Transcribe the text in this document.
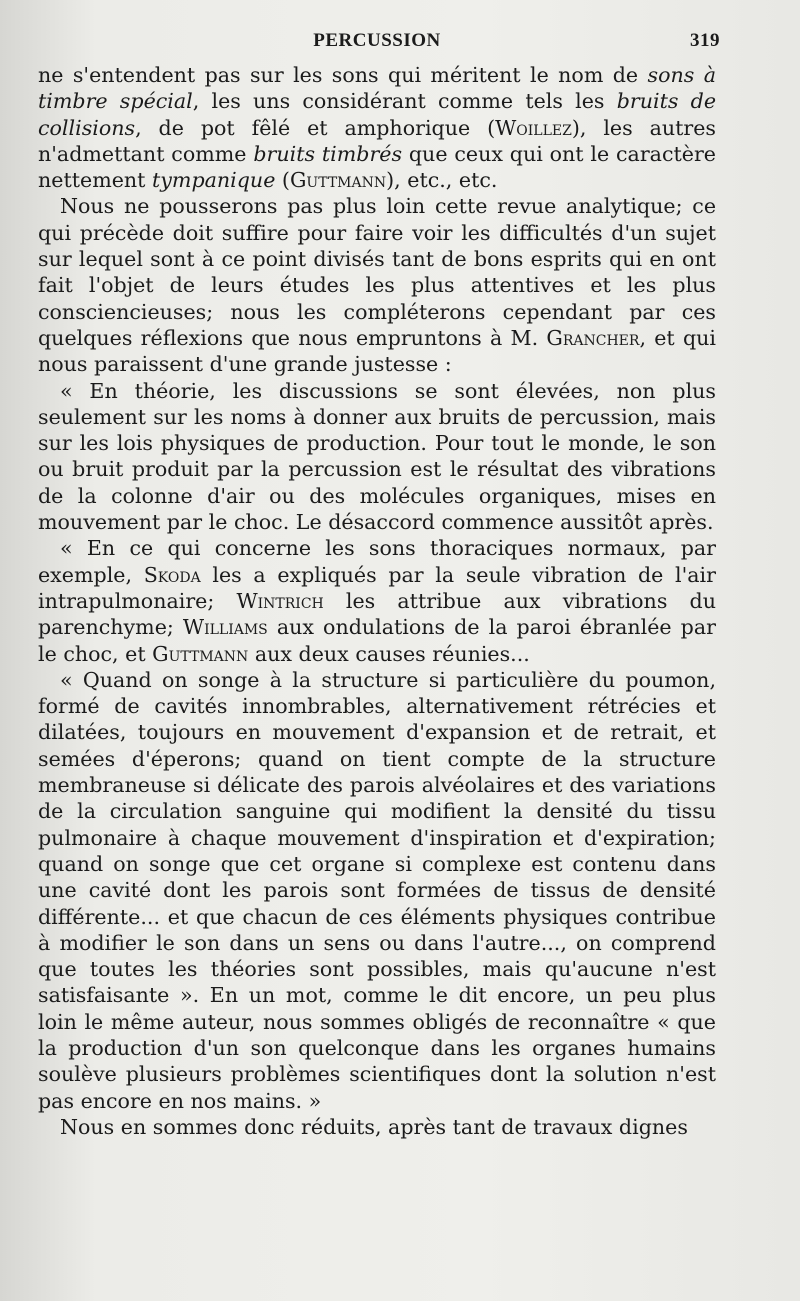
PERCUSSION	319

ne s'entendent pas sur les sons qui méritent le nom de sons à timbre spécial, les uns considérant comme tels les bruits de collisions, de pot fêlé et amphorique (Woillez), les autres n'admettant comme bruits timbrés que ceux qui ont le caractère nettement tympanique (Guttmann), etc., etc.

Nous ne pousserons pas plus loin cette revue analytique; ce qui précède doit suffire pour faire voir les difficultés d'un sujet sur lequel sont à ce point divisés tant de bons esprits qui en ont fait l'objet de leurs études les plus attentives et les plus consciencieuses; nous les compléterons cependant par ces quelques réflexions que nous empruntons à M. Grancher, et qui nous paraissent d'une grande justesse :

« En théorie, les discussions se sont élevées, non plus seulement sur les noms à donner aux bruits de percussion, mais sur les lois physiques de production. Pour tout le monde, le son ou bruit produit par la percussion est le résultat des vibrations de la colonne d'air ou des molécules organiques, mises en mouvement par le choc. Le désaccord commence aussitôt après.

« En ce qui concerne les sons thoraciques normaux, par exemple, Skoda les a expliqués par la seule vibration de l'air intrapulmonaire; Wintrich les attribue aux vibrations du parenchyme; Williams aux ondulations de la paroi ébranlée par le choc, et Guttmann aux deux causes réunies...

« Quand on songe à la structure si particulière du poumon, formé de cavités innombrables, alternativement rétrécies et dilatées, toujours en mouvement d'expansion et de retrait, et semées d'éperons; quand on tient compte de la structure membraneuse si délicate des parois alvéolaires et des variations de la circulation sanguine qui modifient la densité du tissu pulmonaire à chaque mouvement d'inspiration et d'expiration; quand on songe que cet organe si complexe est contenu dans une cavité dont les parois sont formées de tissus de densité différente... et que chacun de ces éléments physiques contribue à modifier le son dans un sens ou dans l'autre..., on comprend que toutes les théories sont possibles, mais qu'aucune n'est satisfaisante ». En un mot, comme le dit encore, un peu plus loin le même auteur, nous sommes obligés de reconnaître « que la production d'un son quelconque dans les organes humains soulève plusieurs problèmes scientifiques dont la solution n'est pas encore en nos mains. »

Nous en sommes donc réduits, après tant de travaux dignes
